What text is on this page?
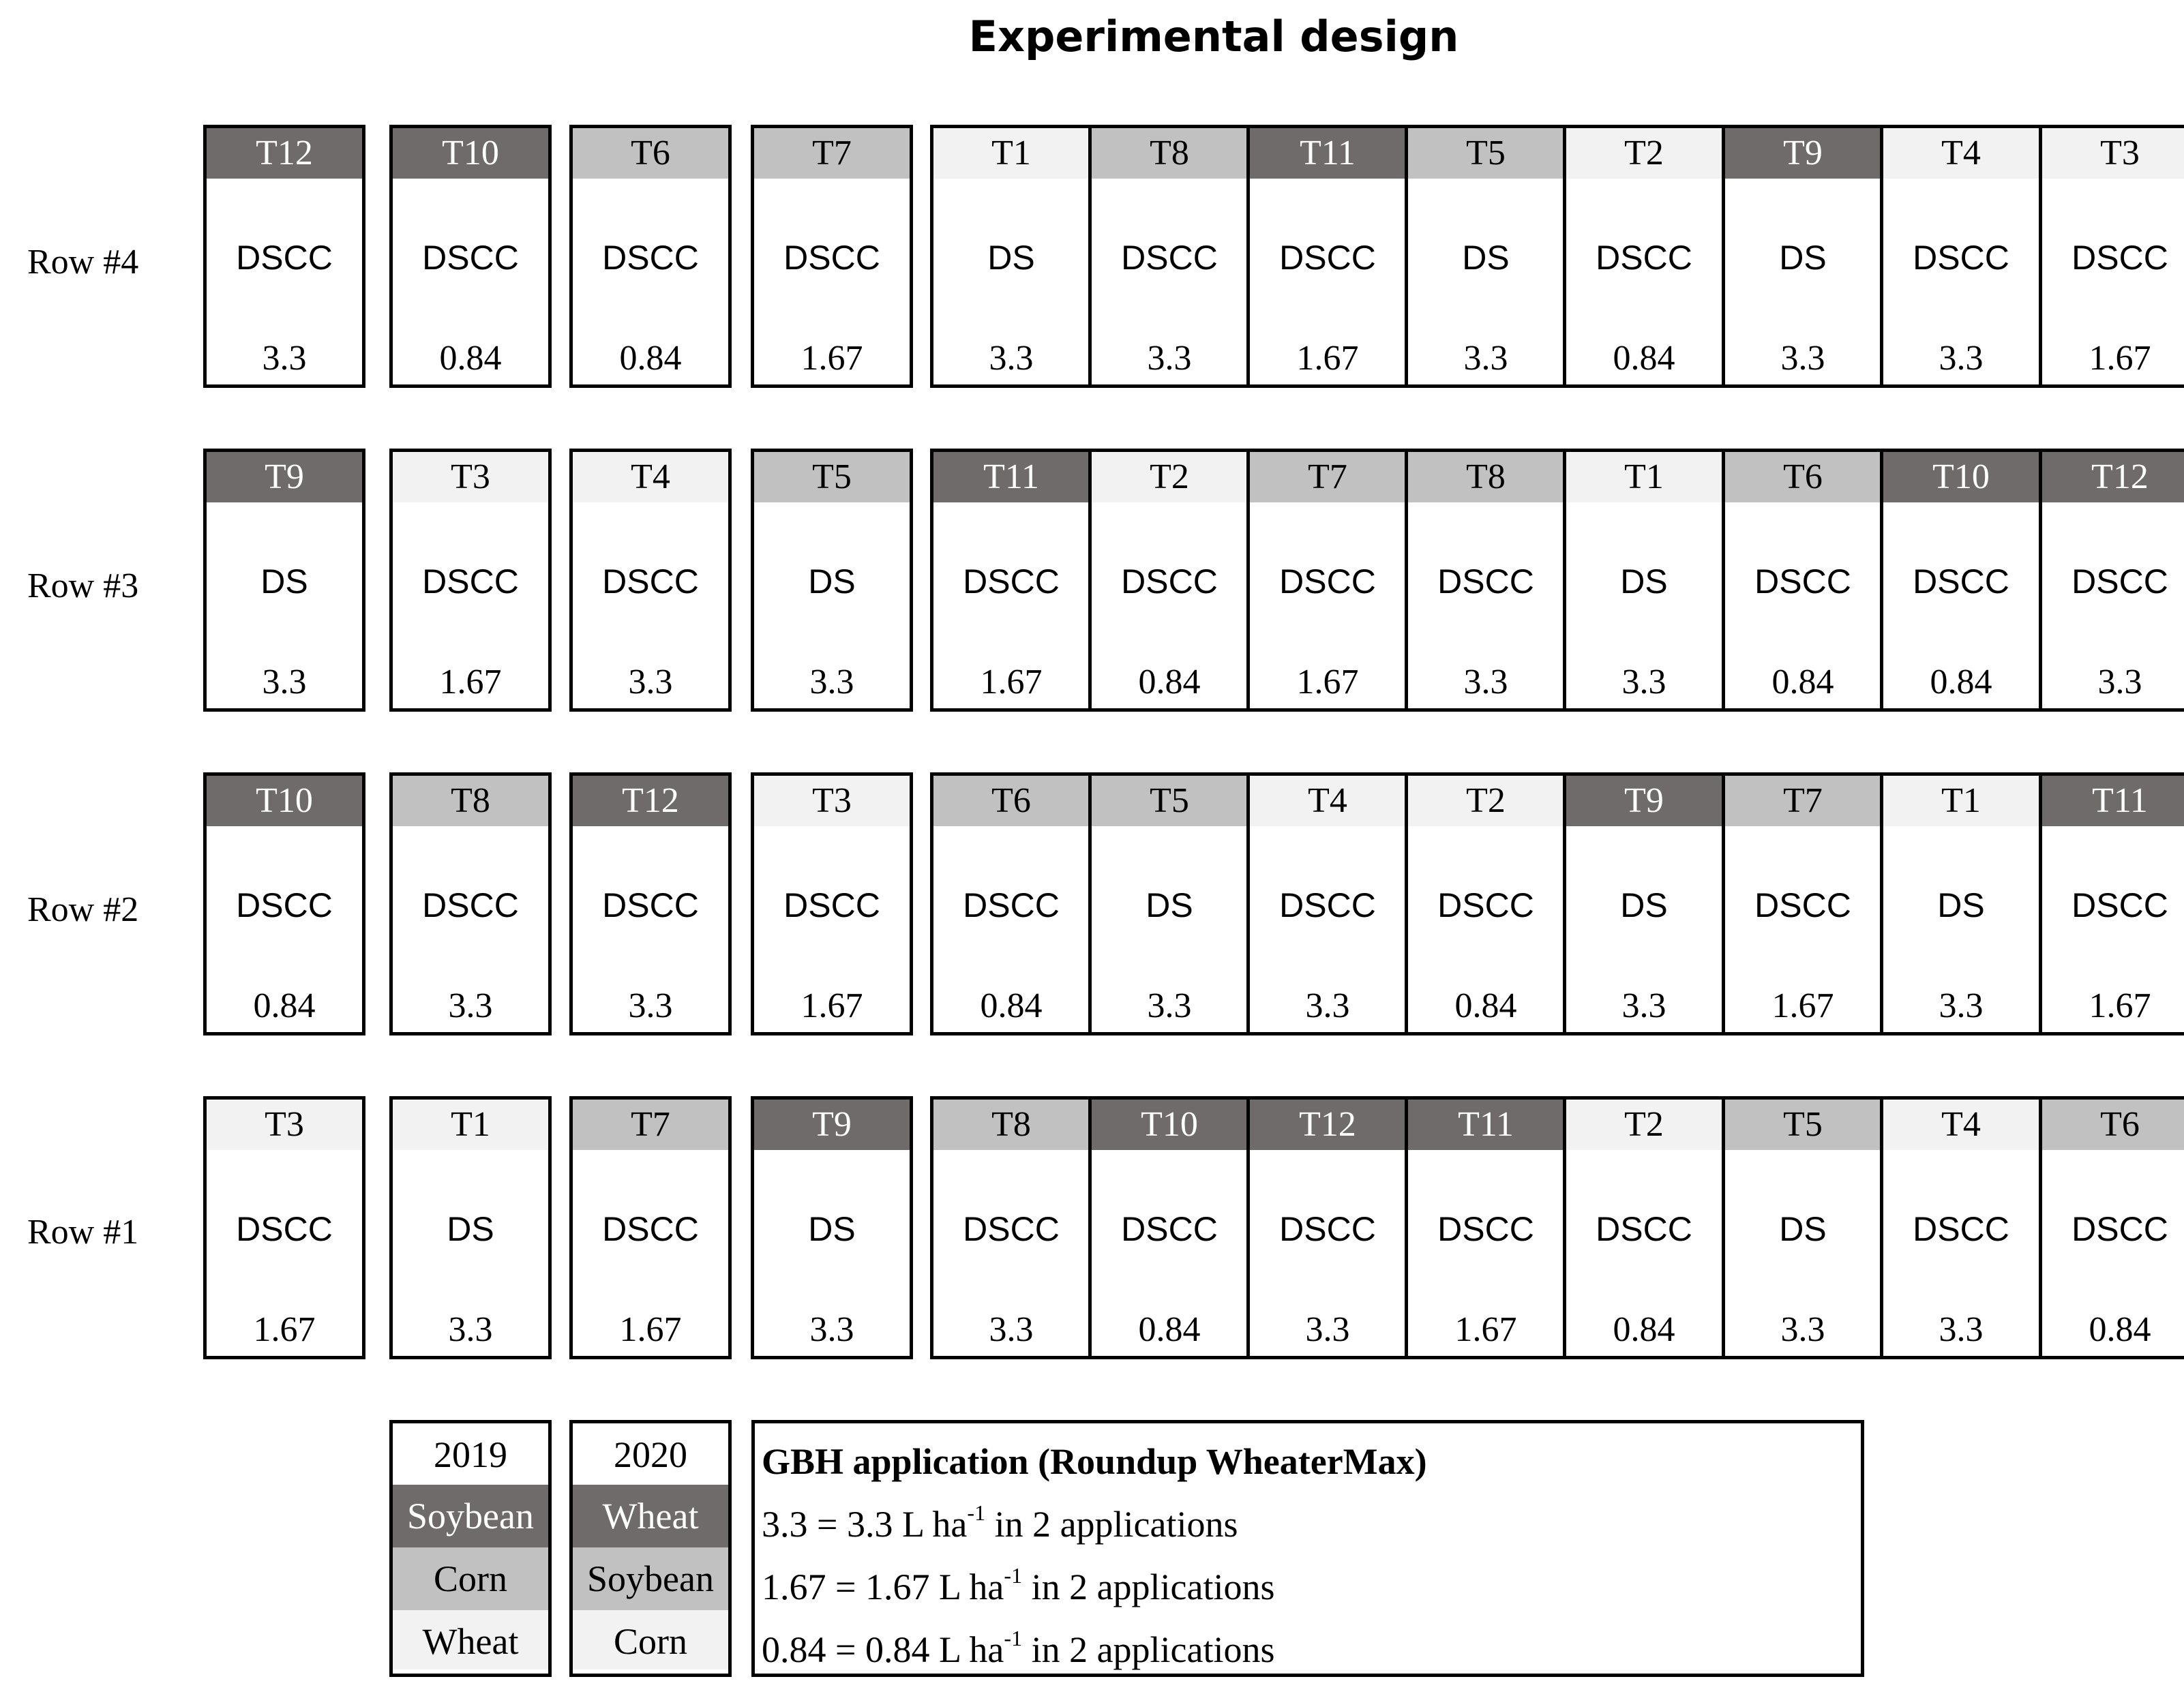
Experimental design
Row #4
T12
DSCC
3.3
T10
DSCC
0.84
T6
DSCC
0.84
T7
DSCC
1.67
T1
DS
3.3
T8
DSCC
3.3
T11
DSCC
1.67
T5
DS
3.3
T2
DSCC
0.84
T9
DS
3.3
T4
DSCC
3.3
T3
DSCC
1.67
Row #3
T9
DS
3.3
T3
DSCC
1.67
T4
DSCC
3.3
T5
DS
3.3
T11
DSCC
1.67
T2
DSCC
0.84
T7
DSCC
1.67
T8
DSCC
3.3
T1
DS
3.3
T6
DSCC
0.84
T10
DSCC
0.84
T12
DSCC
3.3
Row #2
T10
DSCC
0.84
T8
DSCC
3.3
T12
DSCC
3.3
T3
DSCC
1.67
T6
DSCC
0.84
T5
DS
3.3
T4
DSCC
3.3
T2
DSCC
0.84
T9
DS
3.3
T7
DSCC
1.67
T1
DS
3.3
T11
DSCC
1.67
Row #1
T3
DSCC
1.67
T1
DS
3.3
T7
DSCC
1.67
T9
DS
3.3
T8
DSCC
3.3
T10
DSCC
0.84
T12
DSCC
3.3
T11
DSCC
1.67
T2
DSCC
0.84
T5
DS
3.3
T4
DSCC
3.3
T6
DSCC
0.84
2019
Soybean
Corn
Wheat
2020
Wheat
Soybean
Corn
GBH application (Roundup WheaterMax)
3.3 = 3.3 L $ha^{-1}$ in 2 applications
1.67 = 1.67 L $ha^{-1}$ in 2 applications
0.84 = 0.84 L $ha^{-1}$ in 2 applications
